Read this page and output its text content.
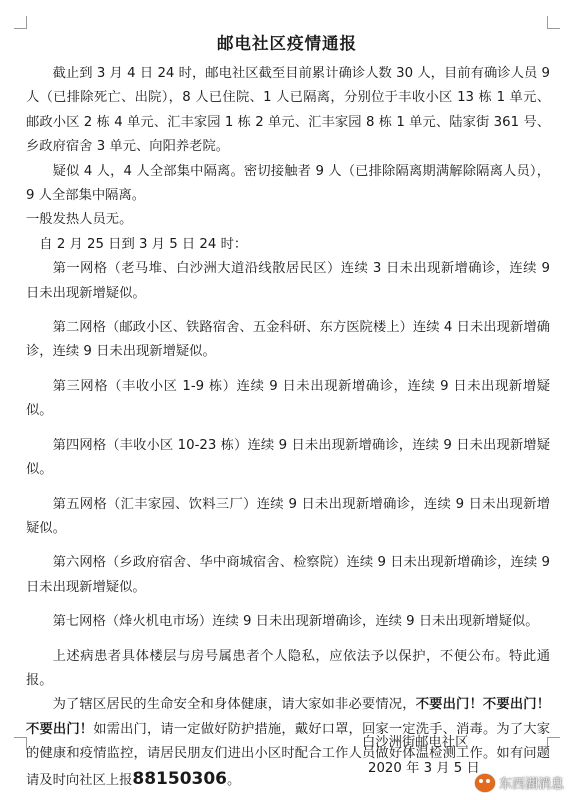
邮电社区疫情通报

截止到 3 月 4 日 24 时，邮电社区截至目前累计确诊人数 30 人，目前有确诊人员 9 人（已排除死亡、出院），8 人已住院、1 人已隔离，分别位于丰收小区 13 栋 1 单元、邮政小区 2 栋 4 单元、汇丰家园 1 栋 2 单元、汇丰家园 8 栋 1 单元、陆家街 361 号、乡政府宿舍 3 单元、向阳养老院。

疑似 4 人，4 人全部集中隔离。密切接触者 9 人（已排除隔离期满解除隔离人员），9 人全部集中隔离。

一般发热人员无。

自 2 月 25 日到 3 月 5 日 24 时：

第一网格（老马堆、白沙洲大道沿线散居民区）连续 3 日未出现新增确诊，连续 9 日未出现新增疑似。

第二网格（邮政小区、铁路宿舍、五金科研、东方医院楼上）连续 4 日未出现新增确诊，连续 9 日未出现新增疑似。

第三网格（丰收小区 1-9 栋）连续 9 日未出现新增确诊，连续 9 日未出现新增疑似。

第四网格（丰收小区 10-23 栋）连续 9 日未出现新增确诊，连续 9 日未出现新增疑似。

第五网格（汇丰家园、饮料三厂）连续 9 日未出现新增确诊，连续 9 日未出现新增疑似。

第六网格（乡政府宿舍、华中商城宿舍、检察院）连续 9 日未出现新增确诊，连续 9 日未出现新增疑似。

第七网格（烽火机电市场）连续 9 日未出现新增确诊，连续 9 日未出现新增疑似。

上述病患者具体楼层与房号属患者个人隐私，应依法予以保护，不便公布。特此通报。

为了辖区居民的生命安全和身体健康，请大家如非必要情况，不要出门！不要出门！不要出门！如需出门，请一定做好防护措施，戴好口罩，回家一定洗手、消毒。为了大家的健康和疫情监控，请居民朋友们进出小区时配合工作人员做好体温检测工作。如有问题请及时向社区上报88150306。

白沙洲街邮电社区
2020 年 3 月 5 日
东西湖消息
